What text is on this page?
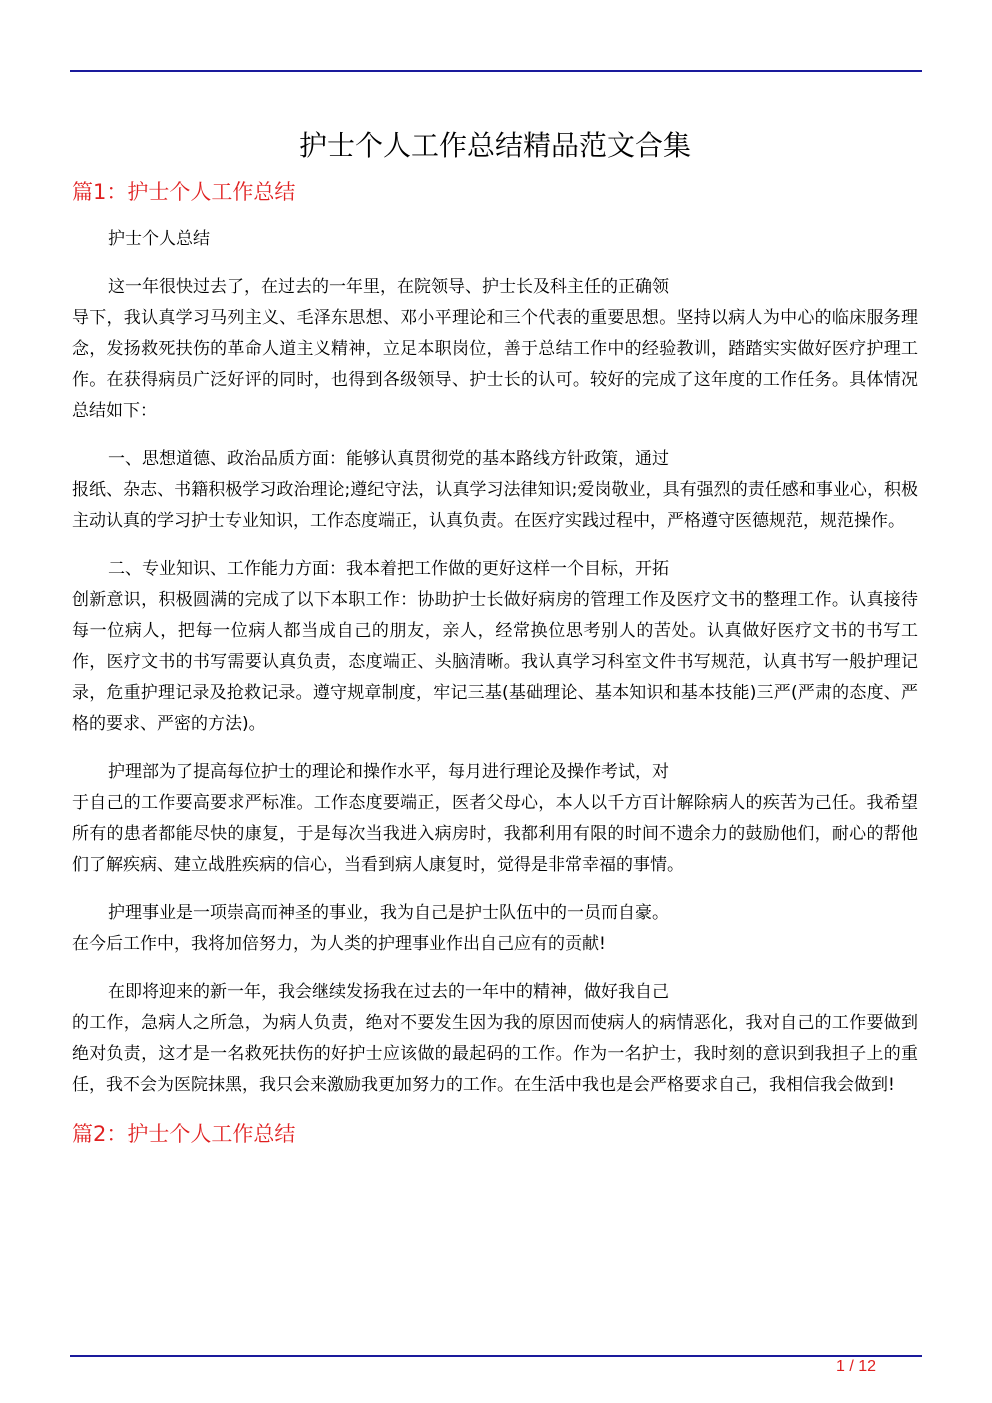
护士个人工作总结精品范文合集
篇1：护士个人工作总结
护士个人总结

这一年很快过去了，在过去的一年里，在院领导、护士长及科主任的正确领
导下，我认真学习马列主义、毛泽东思想、邓小平理论和三个代表的重要思想。坚持以病人为中心的临床服务理念，发扬救死扶伤的革命人道主义精神，立足本职岗位，善于总结工作中的经验教训，踏踏实实做好医疗护理工作。在获得病员广泛好评的同时，也得到各级领导、护士长的认可。较好的完成了这年度的工作任务。具体情况总结如下：

一、思想道德、政治品质方面：能够认真贯彻党的基本路线方针政策，通过
报纸、杂志、书籍积极学习政治理论;遵纪守法，认真学习法律知识;爱岗敬业，具有强烈的责任感和事业心，积极主动认真的学习护士专业知识，工作态度端正，认真负责。在医疗实践过程中，严格遵守医德规范，规范操作。

二、专业知识、工作能力方面：我本着把工作做的更好这样一个目标，开拓
创新意识，积极圆满的完成了以下本职工作：协助护士长做好病房的管理工作及医疗文书的整理工作。认真接待每一位病人，把每一位病人都当成自己的朋友，亲人，经常换位思考别人的苦处。认真做好医疗文书的书写工作，医疗文书的书写需要认真负责，态度端正、头脑清晰。我认真学习科室文件书写规范，认真书写一般护理记录，危重护理记录及抢救记录。遵守规章制度，牢记三基(基础理论、基本知识和基本技能)三严(严肃的态度、严格的要求、严密的方法)。

护理部为了提高每位护士的理论和操作水平，每月进行理论及操作考试，对
于自己的工作要高要求严标准。工作态度要端正，医者父母心，本人以千方百计解除病人的疾苦为己任。我希望所有的患者都能尽快的康复，于是每次当我进入病房时，我都利用有限的时间不遗余力的鼓励他们，耐心的帮他们了解疾病、建立战胜疾病的信心，当看到病人康复时，觉得是非常幸福的事情。

护理事业是一项崇高而神圣的事业，我为自己是护士队伍中的一员而自豪。
在今后工作中，我将加倍努力，为人类的护理事业作出自己应有的贡献!

在即将迎来的新一年，我会继续发扬我在过去的一年中的精神，做好我自己
的工作，急病人之所急，为病人负责，绝对不要发生因为我的原因而使病人的病情恶化，我对自己的工作要做到绝对负责，这才是一名救死扶伤的好护士应该做的最起码的工作。作为一名护士，我时刻的意识到我担子上的重任，我不会为医院抹黑，我只会来激励我更加努力的工作。在生活中我也是会严格要求自己，我相信我会做到!

篇2：护士个人工作总结
1 / 12
